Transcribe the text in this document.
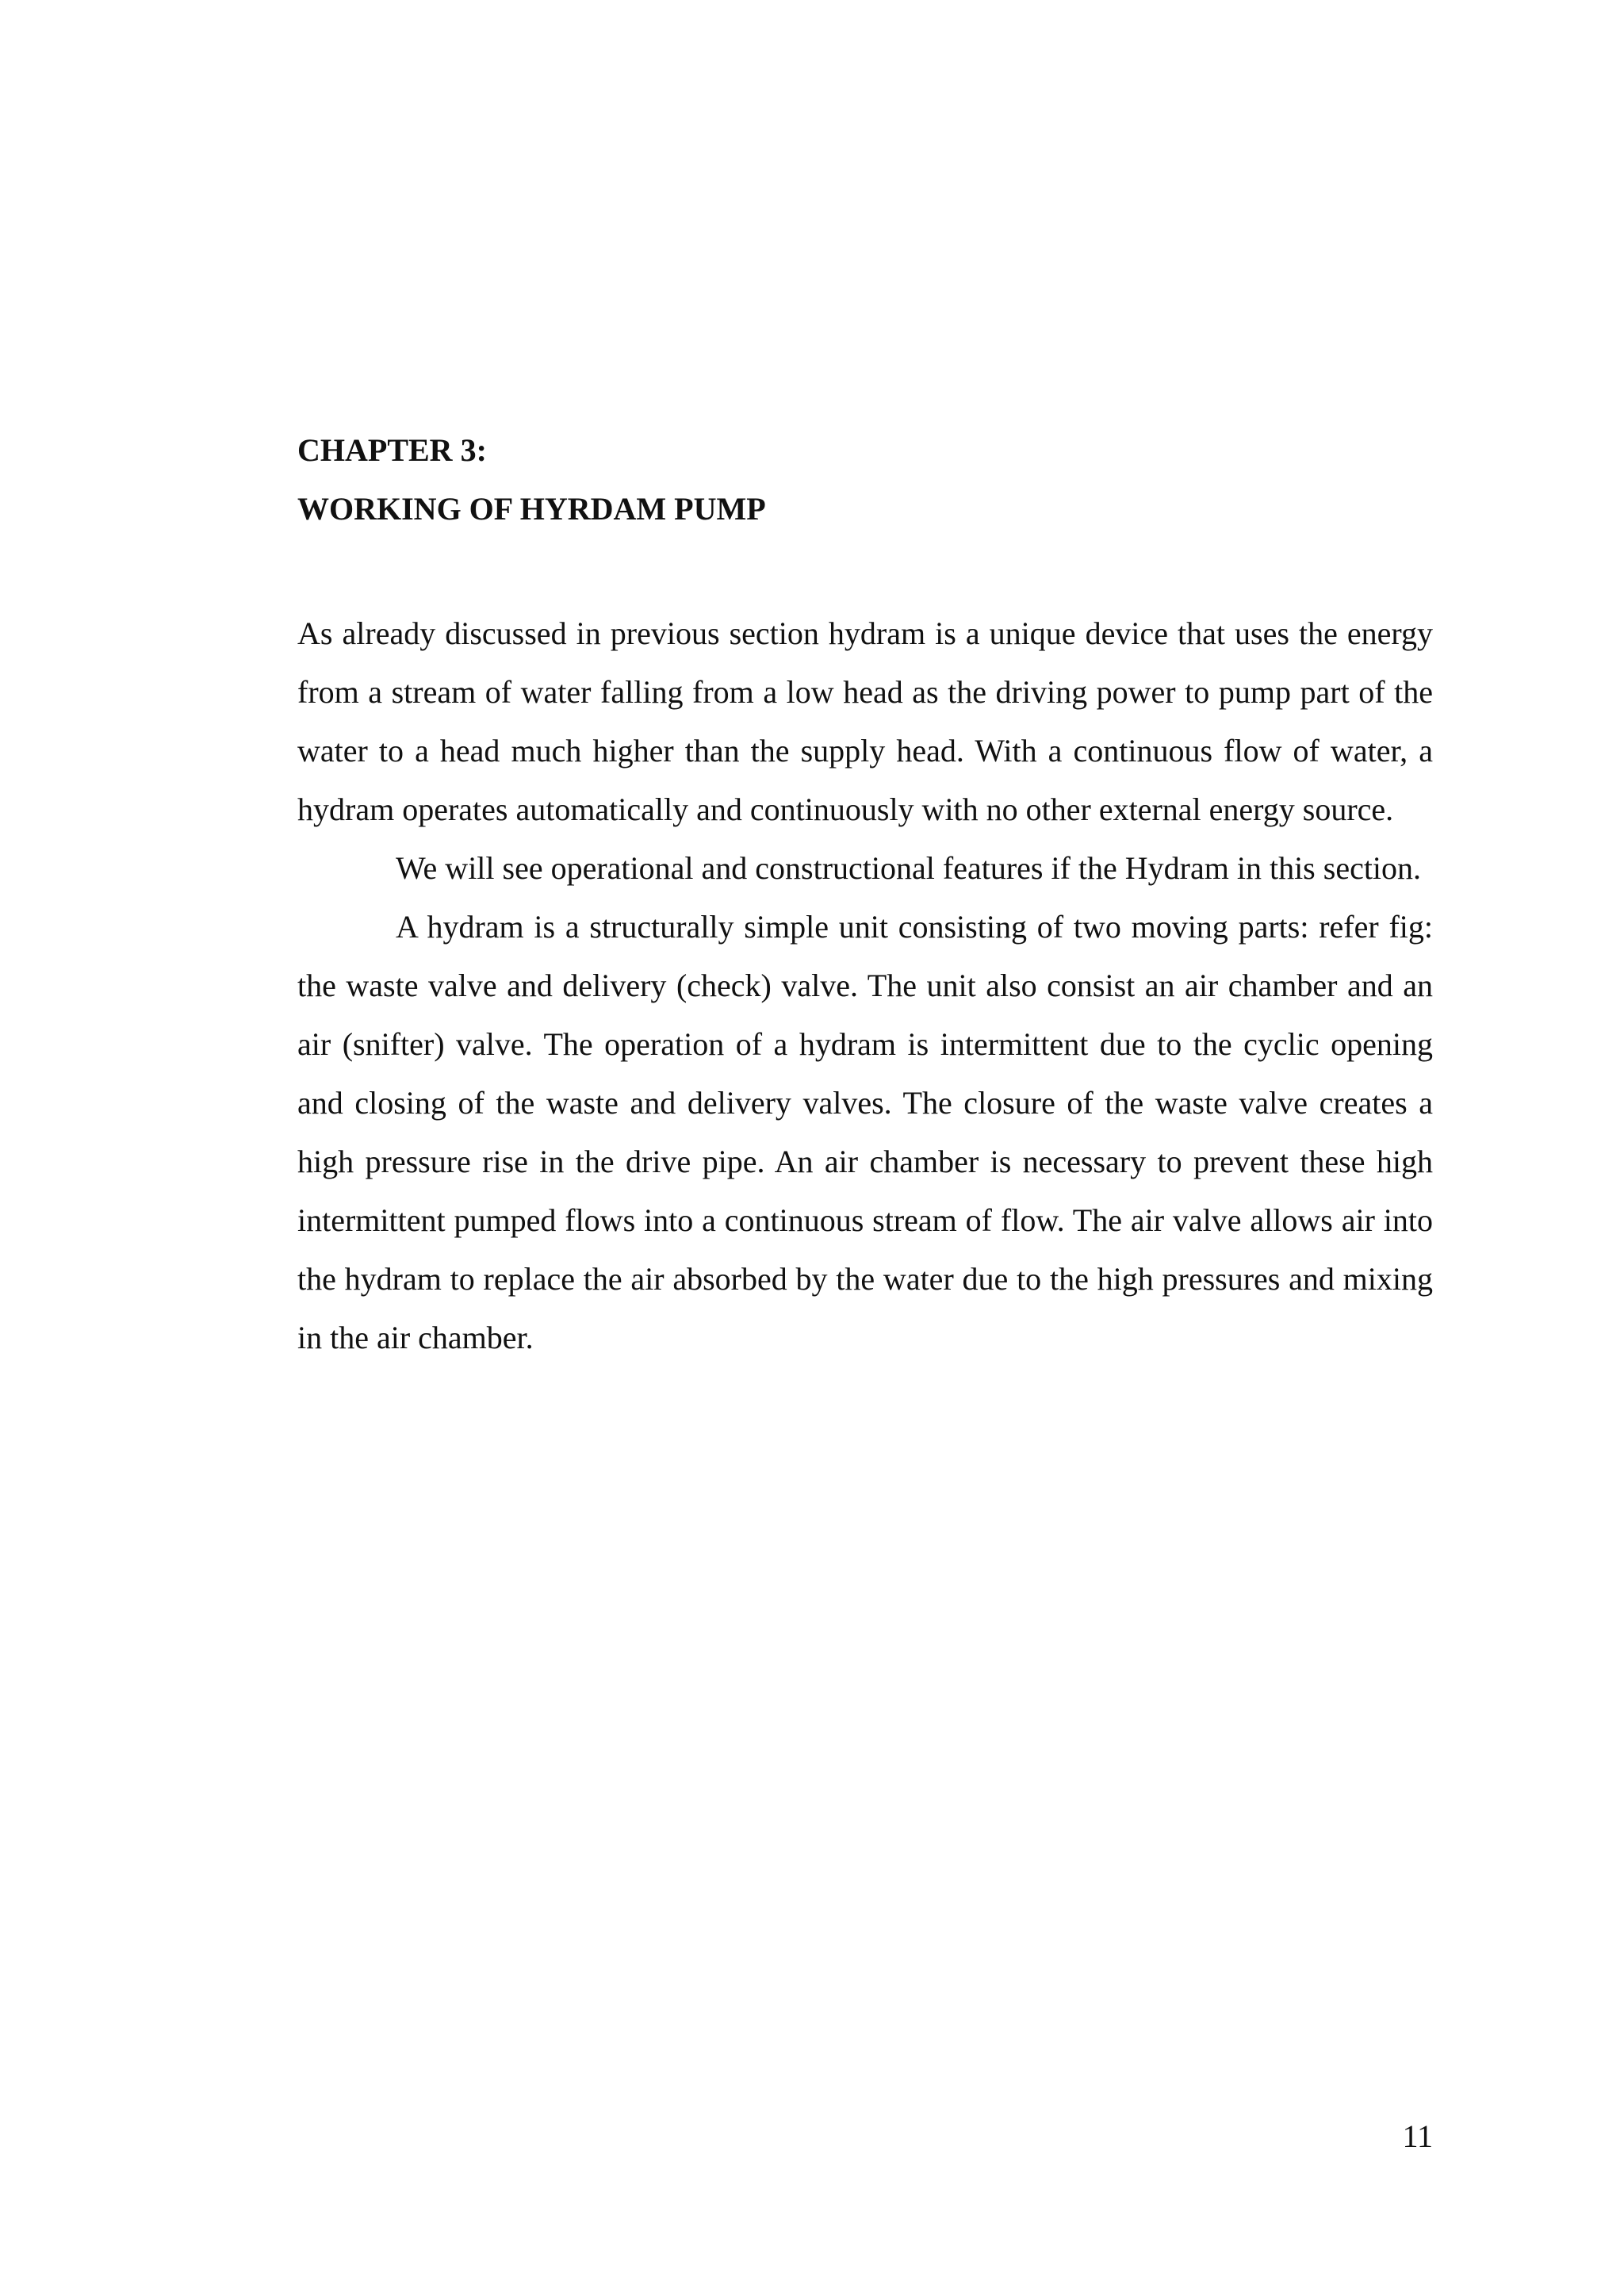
CHAPTER 3:
WORKING OF HYRDAM PUMP

As already discussed in previous section hydram is a unique device that uses the energy from a stream of water falling from a low head as the driving power to pump part of the water to a head much higher than the supply head. With a continuous flow of water, a hydram operates automatically and continuously with no other external energy source.

We will see operational and constructional features if the Hydram in this section.

A hydram is a structurally simple unit consisting of two moving parts: refer fig: the waste valve and delivery (check) valve. The unit also consist an air chamber and an air (snifter) valve. The operation of a hydram is intermittent due to the cyclic opening and closing of the waste and delivery valves. The closure of the waste valve creates a high pressure rise in the drive pipe. An air chamber is necessary to prevent these high intermittent pumped flows into a continuous stream of flow. The air valve allows air into the hydram to replace the air absorbed by the water due to the high pressures and mixing in the air chamber.

11
